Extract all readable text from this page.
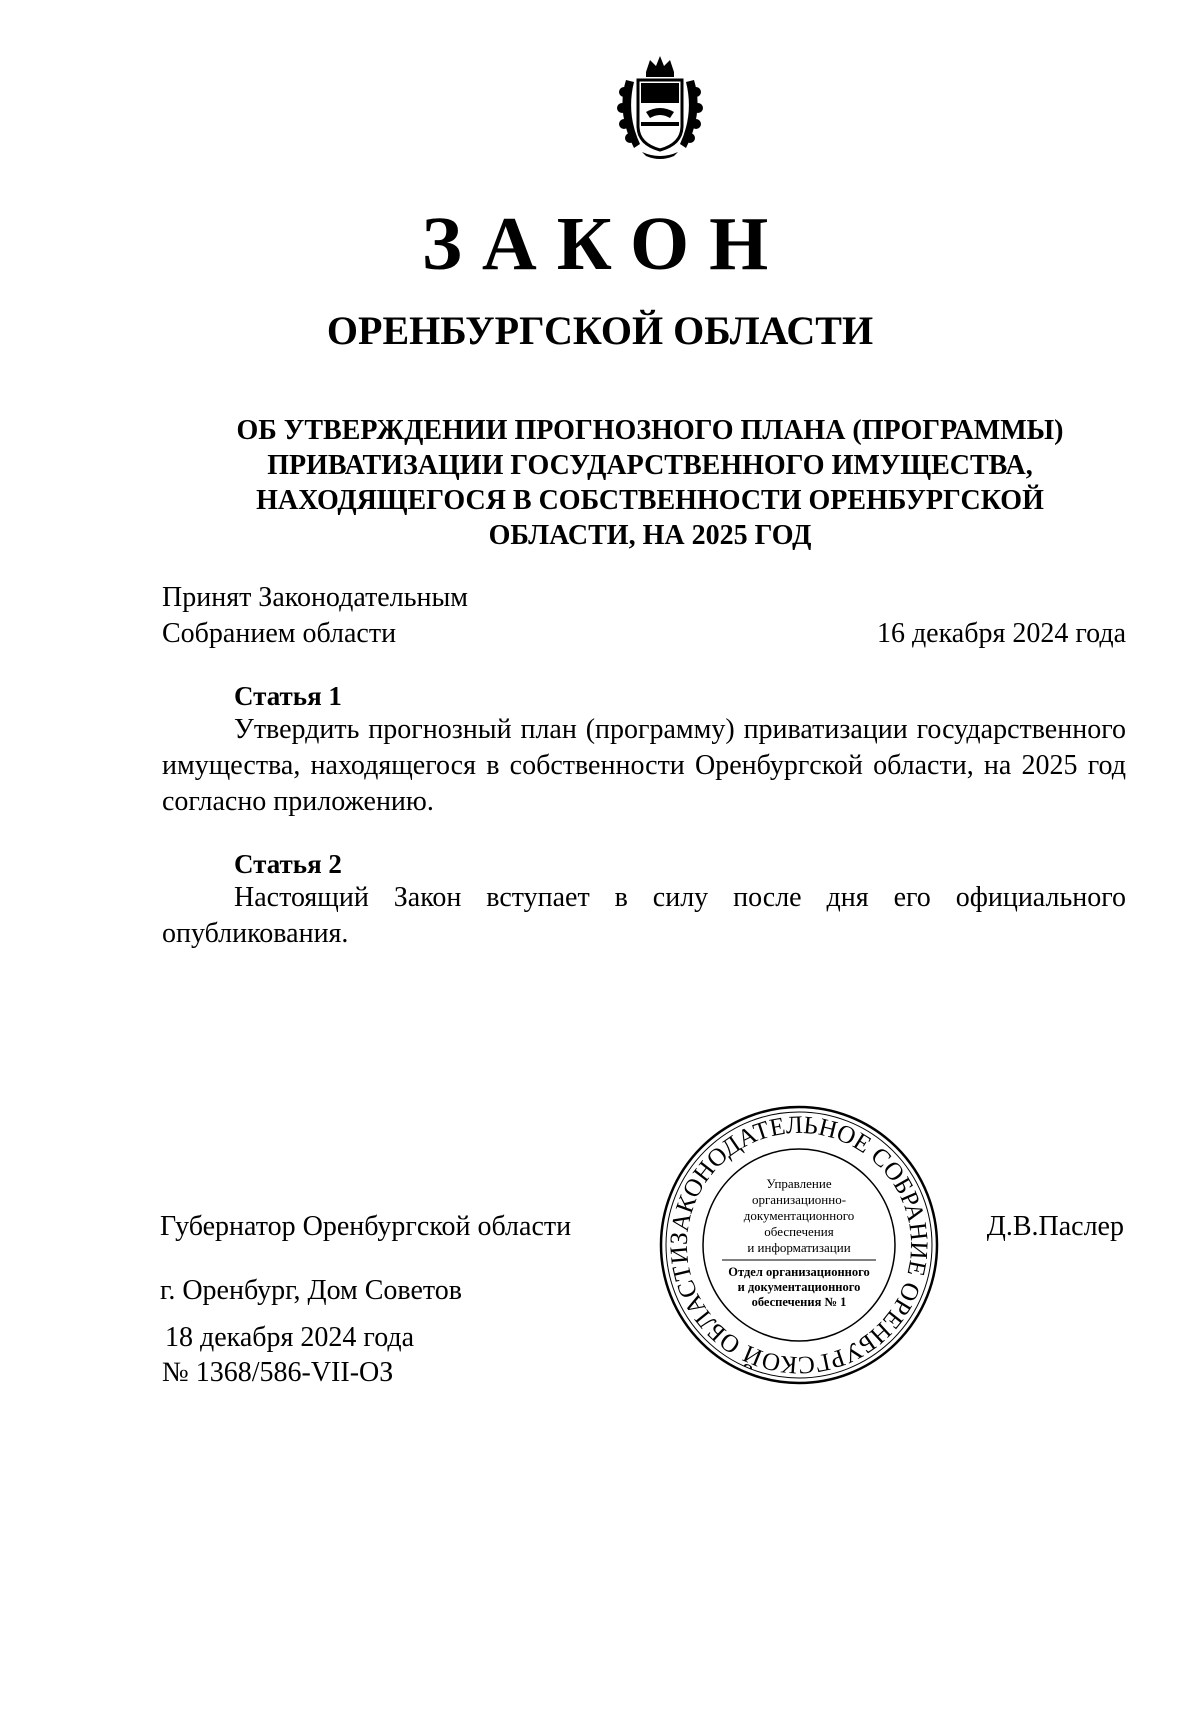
ЗАКОН
ОРЕНБУРГСКОЙ ОБЛАСТИ
ОБ УТВЕРЖДЕНИИ ПРОГНОЗНОГО ПЛАНА (ПРОГРАММЫ)
ПРИВАТИЗАЦИИ ГОСУДАРСТВЕННОГО ИМУЩЕСТВА,
НАХОДЯЩЕГОСЯ В СОБСТВЕННОСТИ ОРЕНБУРГСКОЙ
ОБЛАСТИ, НА 2025 ГОД
Принят Законодательным
Собранием области	16 декабря 2024 года
Статья 1
Утвердить прогнозный план (программу) приватизации государственного имущества, находящегося в собственности Оренбургской области, на 2025 год согласно приложению.
Статья 2
Настоящий Закон вступает в силу после дня его официального опубликования.
Губернатор Оренбургской области	Д.В.Паслер
ЗАКОНОДАТЕЛЬНОЕ СОБРАНИЕ ОРЕНБУРГСКОЙ ОБЛАСТИ
Управление
организационно-
документационного
обеспечения
и информатизации
Отдел организационного
и документационного
обеспечения № 1
г. Оренбург, Дом Советов
18 декабря 2024 года
№ 1368/586-VII-ОЗ
